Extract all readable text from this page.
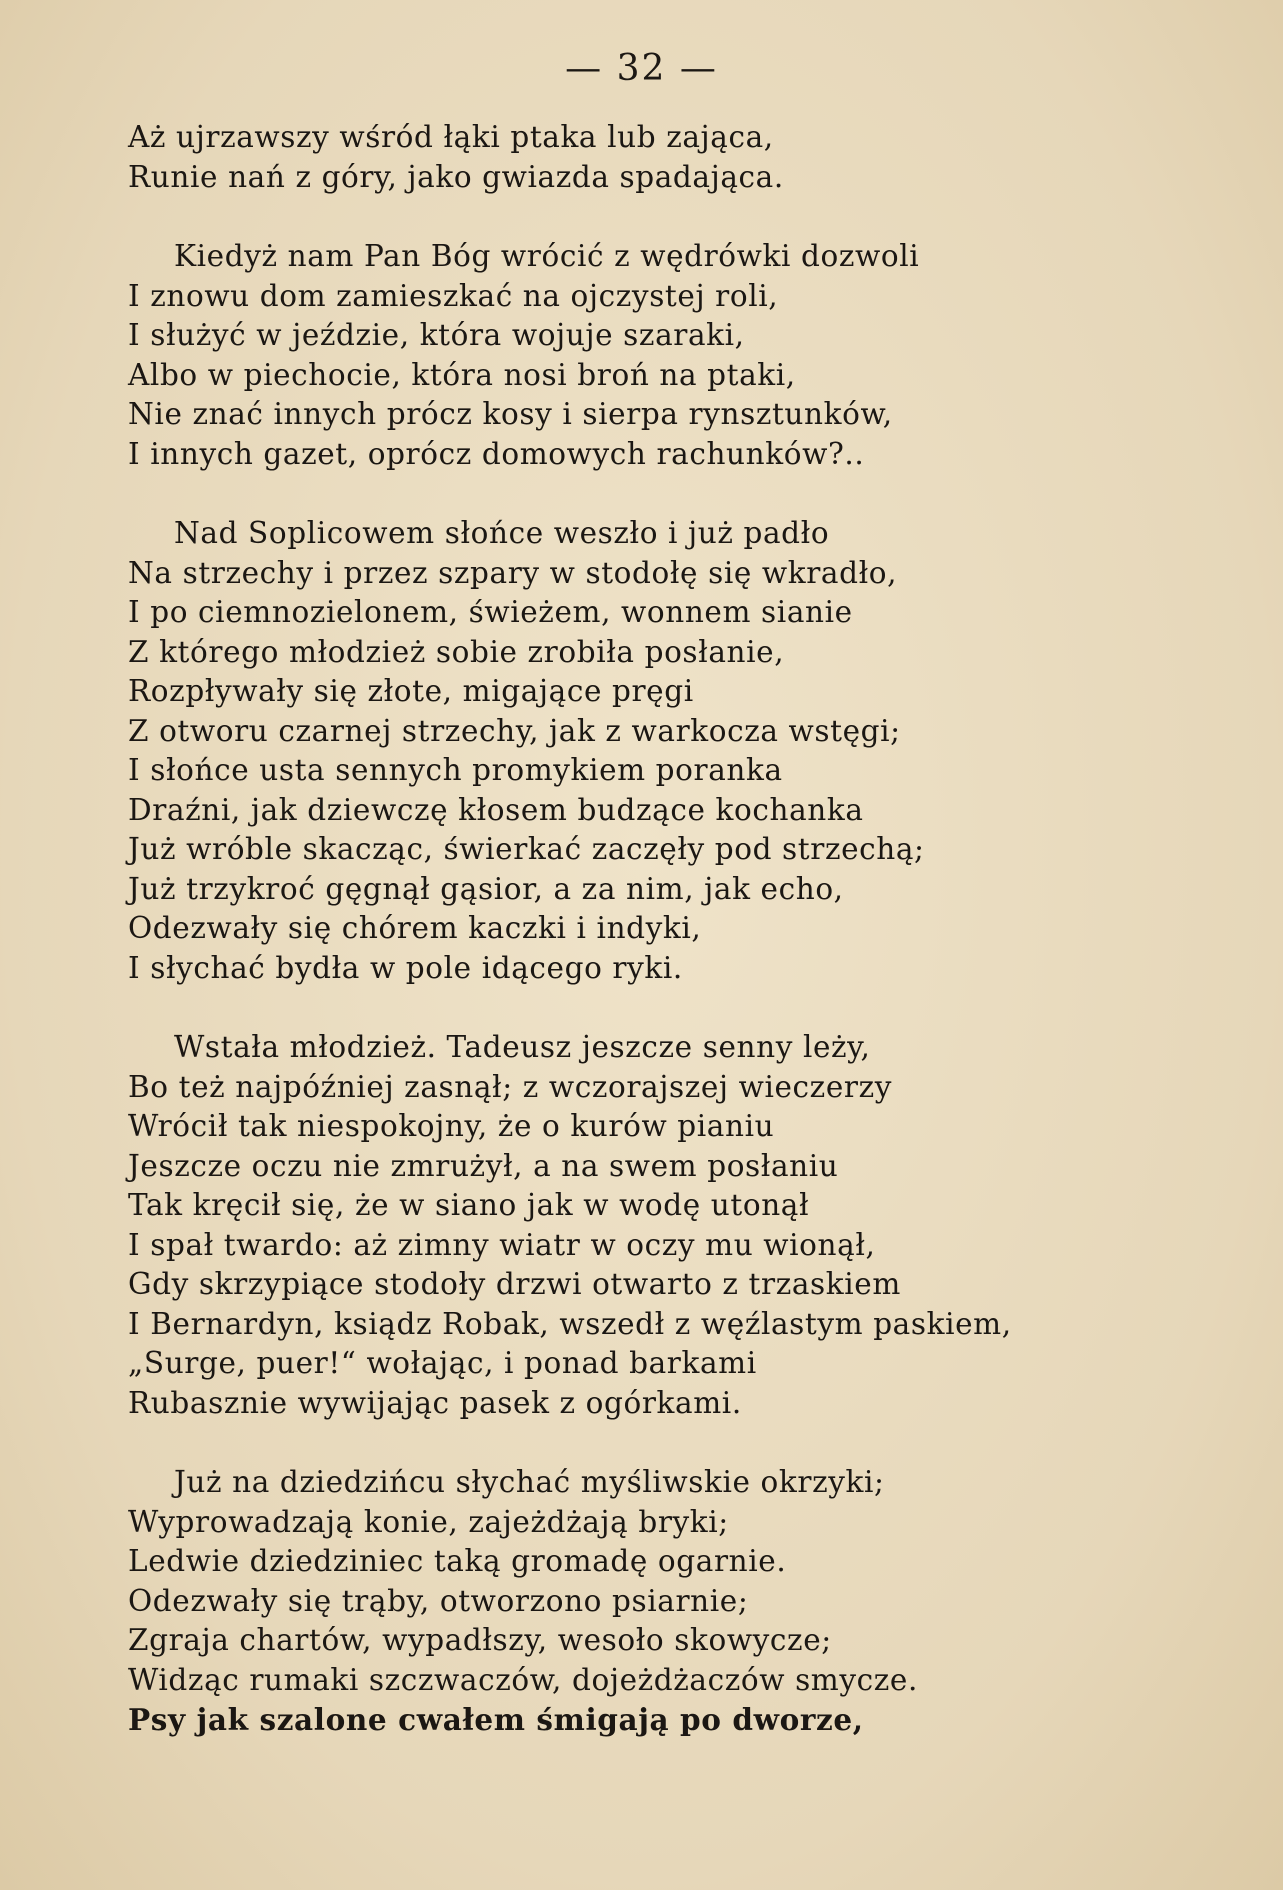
— 32 —
Aż ujrzawszy wśród łąki ptaka lub zająca,
Runie nań z góry, jako gwiazda spadająca.
Kiedyż nam Pan Bóg wrócić z wędrówki dozwoli
I znowu dom zamieszkać na ojczystej roli,
I służyć w jeździe, która wojuje szaraki,
Albo w piechocie, która nosi broń na ptaki,
Nie znać innych prócz kosy i sierpa rynsztunków,
I innych gazet, oprócz domowych rachunków?..
Nad Soplicowem słońce weszło i już padło
Na strzechy i przez szpary w stodołę się wkradło,
I po ciemnozielonem, świeżem, wonnem sianie
Z którego młodzież sobie zrobiła posłanie,
Rozpływały się złote, migające pręgi
Z otworu czarnej strzechy, jak z warkocza wstęgi;
I słońce usta sennych promykiem poranka
Draźni, jak dziewczę kłosem budzące kochanka
Już wróble skacząc, świerkać zaczęły pod strzechą;
Już trzykroć gęgnął gąsior, a za nim, jak echo,
Odezwały się chórem kaczki i indyki,
I słychać bydła w pole idącego ryki.
Wstała młodzież. Tadeusz jeszcze senny leży,
Bo też najpóźniej zasnął; z wczorajszej wieczerzy
Wrócił tak niespokojny, że o kurów pianiu
Jeszcze oczu nie zmrużył, a na swem posłaniu
Tak kręcił się, że w siano jak w wodę utonął
I spał twardo: aż zimny wiatr w oczy mu wionął,
Gdy skrzypiące stodoły drzwi otwarto z trzaskiem
I Bernardyn, ksiądz Robak, wszedł z węźlastym paskiem,
„Surge, puer!“ wołając, i ponad barkami
Rubasznie wywijając pasek z ogórkami.
Już na dziedzińcu słychać myśliwskie okrzyki;
Wyprowadzają konie, zajeżdżają bryki;
Ledwie dziedziniec taką gromadę ogarnie.
Odezwały się trąby, otworzono psiarnie;
Zgraja chartów, wypadłszy, wesoło skowycze;
Widząc rumaki szczwaczów, dojeżdżaczów smycze.
Psy jak szalone cwałem śmigają po dworze,
